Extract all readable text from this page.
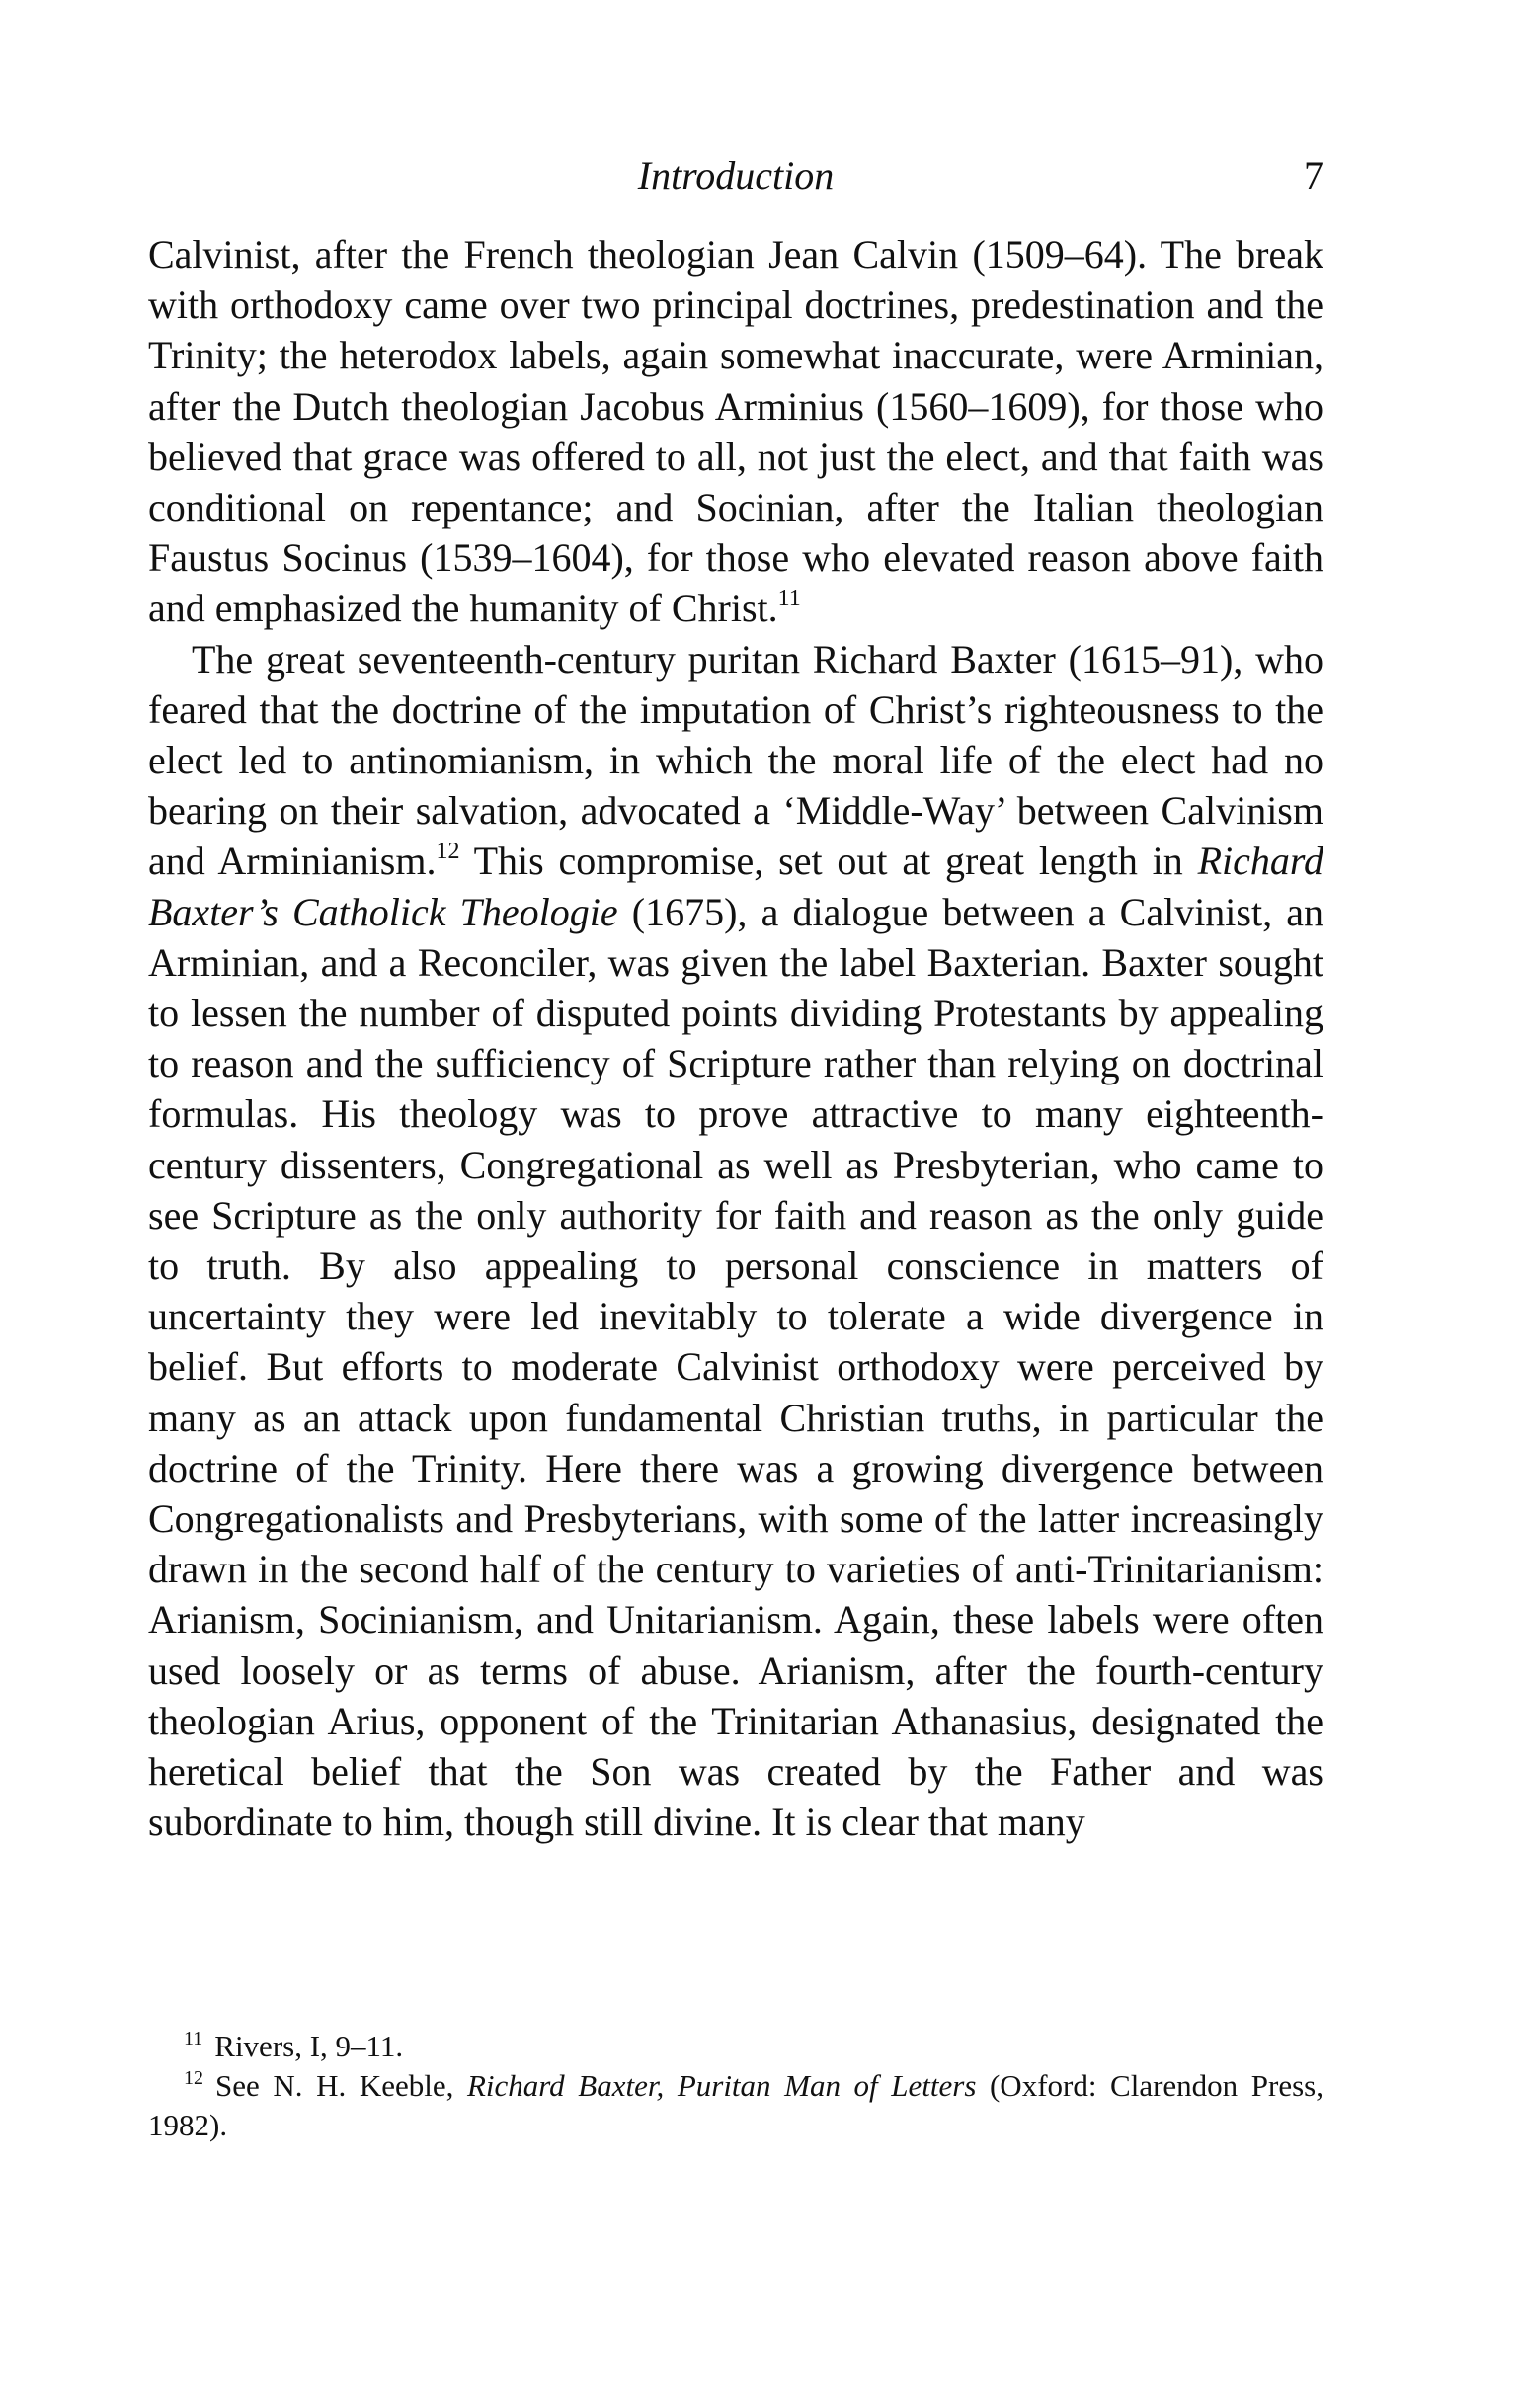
Introduction	7

Calvinist, after the French theologian Jean Calvin (1509–64). The break with orthodoxy came over two principal doctrines, predestination and the Trinity; the heterodox labels, again somewhat inaccurate, were Arminian, after the Dutch theologian Jacobus Arminius (1560–1609), for those who believed that grace was offered to all, not just the elect, and that faith was conditional on repentance; and Socinian, after the Italian theologian Faustus Socinus (1539–1604), for those who elevated reason above faith and emphasized the humanity of Christ.$^{11}$

The great seventeenth-century puritan Richard Baxter (1615–91), who feared that the doctrine of the imputation of Christ’s righteousness to the elect led to antinomianism, in which the moral life of the elect had no bearing on their salvation, advocated a ‘Middle-Way’ between Calvinism and Arminianism.$^{12}$ This compromise, set out at great length in Richard Baxter’s Catholick Theologie (1675), a dialogue between a Calvinist, an Arminian, and a Reconciler, was given the label Baxterian. Baxter sought to lessen the number of disputed points dividing Protestants by appealing to reason and the sufficiency of Scripture rather than relying on doctrinal formulas. His theology was to prove attractive to many eighteenth-century dissenters, Congregational as well as Presbyterian, who came to see Scripture as the only authority for faith and reason as the only guide to truth. By also appealing to personal conscience in matters of uncertainty they were led inevitably to tolerate a wide divergence in belief. But efforts to moderate Calvinist orthodoxy were perceived by many as an attack upon fundamental Christian truths, in particular the doctrine of the Trinity. Here there was a growing divergence between Congregationalists and Presbyterians, with some of the latter increasingly drawn in the second half of the century to varieties of anti-Trinitarianism: Arianism, Socinianism, and Unitarianism. Again, these labels were often used loosely or as terms of abuse. Arianism, after the fourth-century theologian Arius, opponent of the Trinitarian Athanasius, designated the heretical belief that the Son was created by the Father and was subordinate to him, though still divine. It is clear that many

$^{11}$ Rivers, I, 9–11.

$^{12}$ See N. H. Keeble, Richard Baxter, Puritan Man of Letters (Oxford: Clarendon Press, 1982).
